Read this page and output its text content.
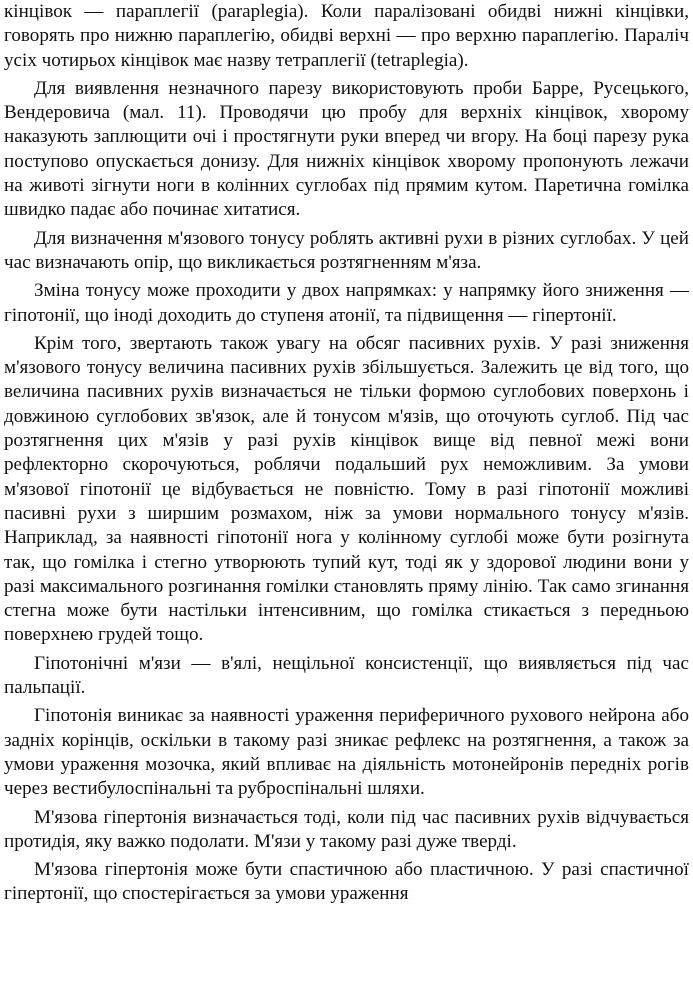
кінцівок — параплегії (paraplegia). Коли паралізовані обидві нижні кінцівки, говорять про нижню параплегію, обидві верхні — про верхню параплегію. Параліч усіх чотирьох кінцівок має назву тетраплегії (tetraplegia).

Для виявлення незначного парезу використовують проби Барре, Русецького, Вендеровича (мал. 11). Проводячи цю пробу для верхніх кінцівок, хворому наказують заплющити очі і простягнути руки вперед чи вгору. На боці парезу рука поступово опускається донизу. Для нижніх кінцівок хворому пропонують лежачи на животі зігнути ноги в колінних суглобах під прямим кутом. Паретична гомілка швидко падає або починає хитатися.

Для визначення м'язового тонусу роблять активні рухи в різних суглобах. У цей час визначають опір, що викликається розтягненням м'яза.

Зміна тонусу може проходити у двох напрямках: у напрямку його зниження — гіпотонії, що іноді доходить до ступеня атонії, та підвищення — гіпертонії.

Крім того, звертають також увагу на обсяг пасивних рухів. У разі зниження м'язового тонусу величина пасивних рухів збільшується. Залежить це від того, що величина пасивних рухів визначається не тільки формою суглобових поверхонь і довжиною суглобових зв'язок, але й тонусом м'язів, що оточують суглоб. Під час розтягнення цих м'язів у разі рухів кінцівок вище від певної межі вони рефлекторно скорочуються, роблячи подальший рух неможливим. За умови м'язової гіпотонії це відбувається не повністю. Тому в разі гіпотонії можливі пасивні рухи з ширшим розмахом, ніж за умови нормального тонусу м'язів. Наприклад, за наявності гіпотонії нога у колінному суглобі може бути розігнута так, що гомілка і стегно утворюють тупий кут, тоді як у здорової людини вони у разі максимального розгинання гомілки становлять пряму лінію. Так само згинання стегна може бути настільки інтенсивним, що гомілка стикається з передньою поверхнею грудей тощо.

Гіпотонічні м'язи — в'ялі, нещільної консистенції, що виявляється під час пальпації.

Гіпотонія виникає за наявності ураження периферичного рухового нейрона або задніх корінців, оскільки в такому разі зникає рефлекс на розтягнення, а також за умови ураження мозочка, який впливає на діяльність мотонейронів передніх рогів через вестибулоспінальні та руброспінальні шляхи.

М'язова гіпертонія визначається тоді, коли під час пасивних рухів відчувається протидія, яку важко подолати. М'язи у такому разі дуже тверді.

М'язова гіпертонія може бути спастичною або пластичною. У разі спастичної гіпертонії, що спостерігається за умови ураження
